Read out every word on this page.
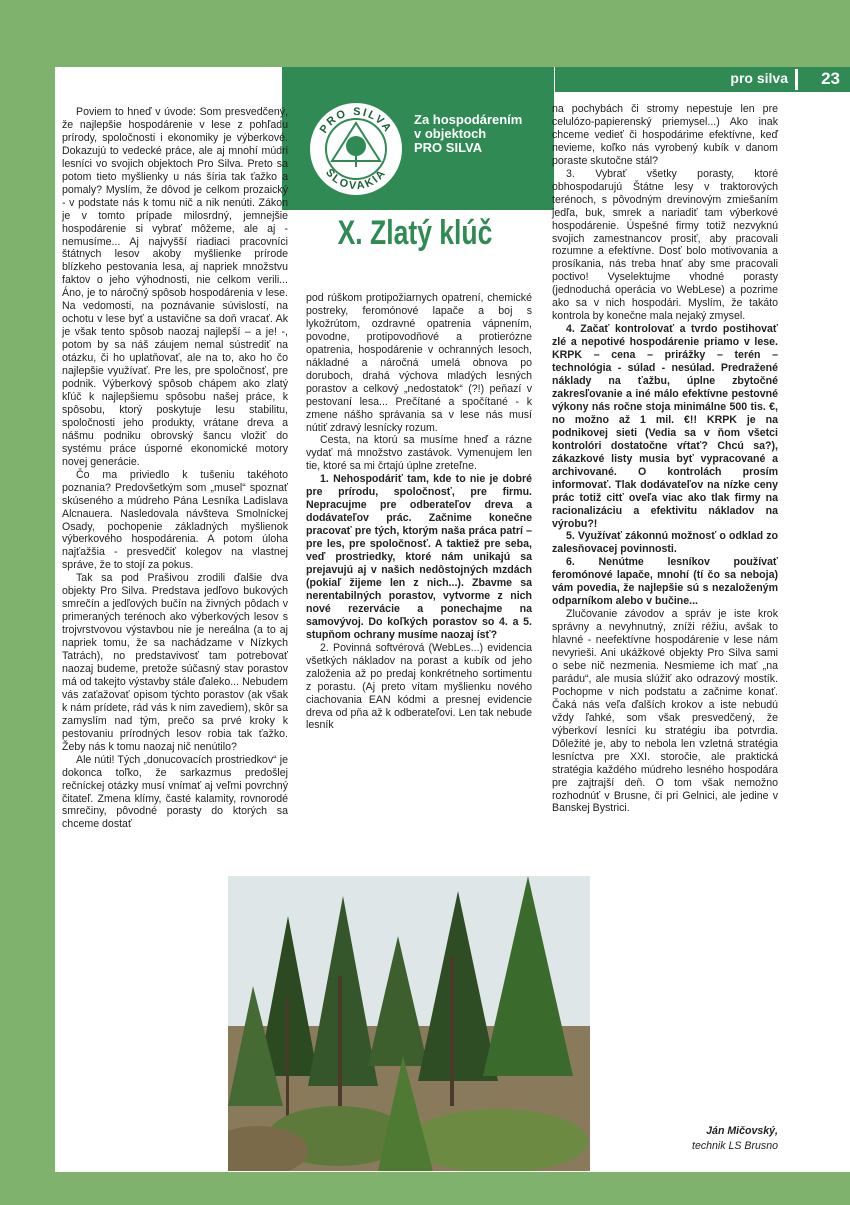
pro silva 23
PRO SILVA
SLOVAKIA
Za hospodárením
v objektoch
PRO SILVA
X. Zlatý klúč

Poviem to hneď v úvode: Som presvedčený, že najlepšie hospodárenie v lese z pohľadu prírody, spoločnosti i ekonomiky je výberkové. Dokazujú to vedecké práce, ale aj mnohí múdri lesníci vo svojich objektoch Pro Silva. Preto sa potom tieto myšlienky u nás šíria tak ťažko a pomaly? Myslím, že dôvod je celkom prozaický - v podstate nás k tomu nič a nik nenúti. Zákon je v tomto prípade milosrdný, jemnejšie hospodárenie si vybrať môžeme, ale aj - nemusíme... Aj najvyšší riadiaci pracovníci štátnych lesov akoby myšlienke prírode blízkeho pestovania lesa, aj napriek množstvu faktov o jeho výhodnosti, nie celkom verili... Áno, je to náročný spôsob hospodárenia v lese. Na vedomosti, na poznávanie súvislostí, na ochotu v lese byť a ustavične sa doň vracať. Ak je však tento spôsob naozaj najlepší – a je! -, potom by sa náš záujem nemal sústrediť na otázku, či ho uplatňovať, ale na to, ako ho čo najlepšie využívať. Pre les, pre spoločnosť, pre podnik. Výberkový spôsob chápem ako zlatý kľúč k najlepšiemu spôsobu našej práce, k spôsobu, ktorý poskytuje lesu stabilitu, spoločnosti jeho produkty, vrátane dreva a nášmu podniku obrovský šancu vložiť do systému práce úsporné ekonomické motory novej generácie.

Čo ma priviedlo k tušeniu takéhoto poznania? Predovšetkým som „musel“ spoznať skúseného a múdreho Pána Lesníka Ladislava Alcnauera. Nasledovala návšteva Smolníckej Osady, pochopenie základných myšlienok výberkového hospodárenia. A potom úloha najťažšia - presvedčiť kolegov na vlastnej správe, že to stojí za pokus.

Tak sa pod Prašivou zrodili ďalšie dva objekty Pro Silva. Predstava jedľovo bukových smrečín a jedľových bučín na živných pôdach v primeraných terénoch ako výberkových lesov s trojvrstvovou výstavbou nie je nereálna (a to aj napriek tomu, že sa nachádzame v Nízkych Tatrách), no predstavivosť tam potrebovať naozaj budeme, pretože súčasný stav porastov má od takejto výstavby stále ďaleko... Nebudem vás zaťažovať opisom týchto porastov (ak však k nám prídete, rád vás k nim zavediem), skôr sa zamyslím nad tým, prečo sa prvé kroky k pestovaniu prírodných lesov robia tak ťažko. Žeby nás k tomu naozaj nič nenútilo?

Ale núti! Tých „donucovacích prostriedkov“ je dokonca toľko, že sarkazmus predošlej rečníckej otázky musí vnímať aj veľmi povrchný čitateľ. Zmena klímy, časté kalamity, rovnorodé smrečiny, pôvodné porasty do ktorých sa chceme dostať

pod rúškom protipožiarnych opatrení, chemické postreky, feromónové lapače a boj s lykožrútom, ozdravné opatrenia vápnením, povodne, protipovodňové a protierózne opatrenia, hospodárenie v ochranných lesoch, nákladné a náročná umelá obnova po doruboch, drahá výchova mladých lesných porastov a celkový „nedostatok“ (?!) peňazí v pestovaní lesa... Prečítané a spočítané - k zmene nášho správania sa v lese nás musí nútiť zdravý lesnícky rozum.

Cesta, na ktorú sa musíme hneď a rázne vydať má množstvo zastávok. Vymenujem len tie, ktoré sa mi črtajú úplne zreteľne.

1. Nehospodáriť tam, kde to nie je dobré pre prírodu, spoločnosť, pre firmu. Nepracujme pre odberateľov dreva a dodávateľov prác. Začnime konečne pracovať pre tých, ktorým naša práca patrí – pre les, pre spoločnosť. A taktiež pre seba, veď prostriedky, ktoré nám unikajú sa prejavujú aj v našich nedôstojných mzdách (pokiaľ žijeme len z nich...). Zbavme sa nerentabilných porastov, vytvorme z nich nové rezervácie a ponechajme na samovývoj. Do koľkých porastov so 4. a 5. stupňom ochrany musíme naozaj ísť?

2. Povinná softvérová (WebLes...) evidencia všetkých nákladov na porast a kubík od jeho založenia až po predaj konkrétneho sortimentu z porastu. (Aj preto vítam myšlienku nového ciachovania EAN kódmi a presnej evidencie dreva od pňa až k odberateľovi. Len tak nebude lesník

na pochybách či stromy nepestuje len pre celulózo-papierenský priemysel...) Ako inak chceme vedieť či hospodárime efektívne, keď nevieme, koľko nás vyrobený kubík v danom poraste skutočne stál?

3. Vybrať všetky porasty, ktoré obhospodarujú Štátne lesy v traktorových terénoch, s pôvodným drevinovým zmiešaním jedľa, buk, smrek a nariadiť tam výberkové hospodárenie. Úspešné firmy totiž nezvyknú svojich zamestnancov prosiť, aby pracovali rozumne a efektívne. Dosť bolo motivovania a prosíkania, nás treba hnať aby sme pracovali poctivo! Vyselektujme vhodné porasty (jednoduchá operácia vo WebLese) a pozrime ako sa v nich hospodári. Myslím, že takáto kontrola by konečne mala nejaký zmysel.

4. Začať kontrolovať a tvrdo postihovať zlé a nepotivé hospodárenie priamo v lese. KRPK – cena – prirážky – terén – technológia - súlad - nesúlad. Predražené náklady na ťažbu, úplne zbytočné zakresľovanie a iné málo efektívne pestovné výkony nás ročne stoja minimálne 500 tis. €, no možno až 1 mil. €!! KRPK je na podnikovej sieti (Vedia sa v ňom všetci kontrolóri dostatočne vŕtať? Chcú sa?), zákazkové listy musia byť vypracované a archivované. O kontrolách prosím informovať. Tlak dodávateľov na nízke ceny prác totiž citť oveľa viac ako tlak firmy na racionalizáciu a efektivitu nákladov na výrobu?!

5. Využívať zákonnú možnosť o odklad zo zalesňovacej povinnosti.

6. Nenútme lesníkov používať feromónové lapače, mnohí (tí čo sa neboja) vám povedia, že najlepšie sú s nezaloženým odparníkom alebo v bučine...

Zlučovanie závodov a správ je iste krok správny a nevyhnutný, zníži réžiu, avšak to hlavné - neefektívne hospodárenie v lese nám nevyrieši. Ani ukážkové objekty Pro Silva sami o sebe nič nezmenia. Nesmieme ich mať „na parádu“, ale musia slúžiť ako odrazový mostík. Pochopme v nich podstatu a začnime konať. Čaká nás veľa ďalších krokov a iste nebudú vždy ľahké, som však presvedčený, že výberkoví lesníci ku stratégiu iba potvrdia. Dôležité je, aby to nebola len vzletná stratégia lesníctva pre XXI. storočie, ale praktická stratégia každého múdreho lesného hospodára pre zajtrajší deň. O tom však nemožno rozhodnúť v Brusne, či pri Gelnici, ale jedine v Banskej Bystrici.

Ján Mičovský,
technik LS Brusno
